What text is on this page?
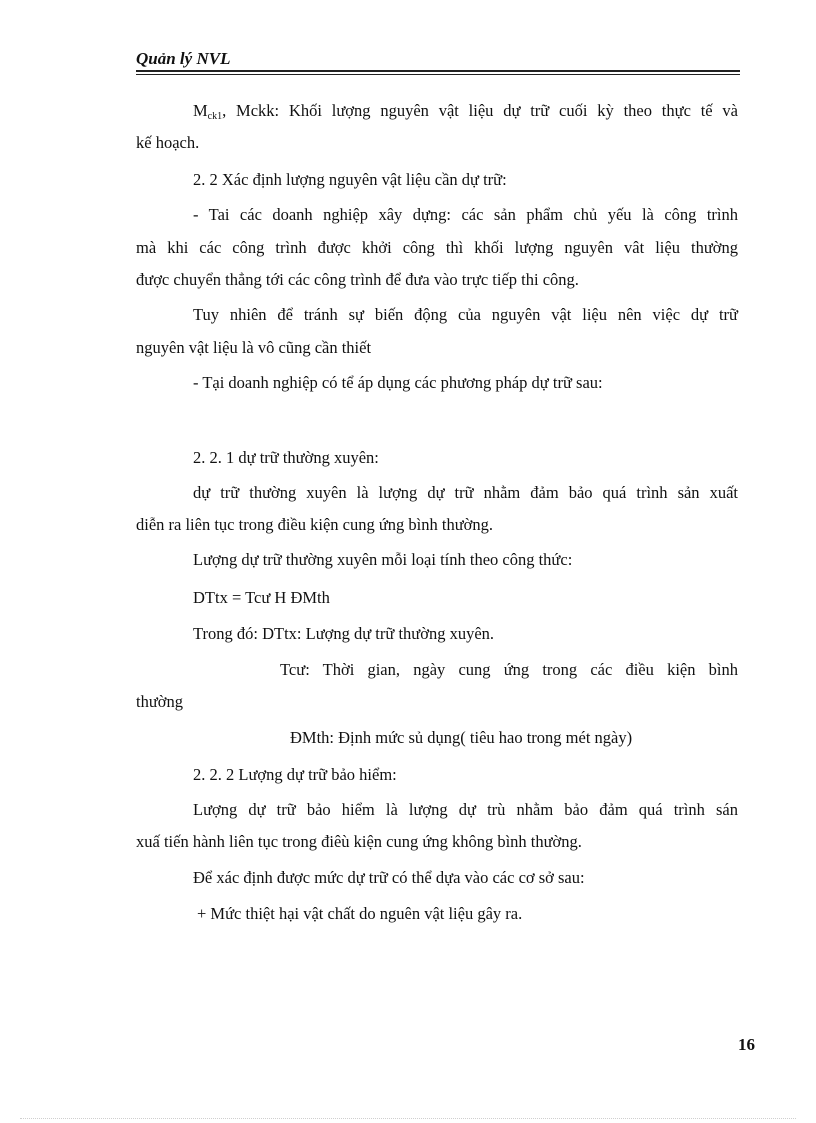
Quản lý NVL
$M_{ck1}$, Mckk: Khối lượng nguyên vật liệu dự trữ cuối kỳ theo thực tế và
kế hoạch.
2. 2 Xác định lượng nguyên vật liệu cần dự trữ:
- Tai các doanh nghiệp xây dựng: các sản phẩm chủ yếu là công trình
mà khi các công trình được khởi công thì khối lượng nguyên vât liệu thường
được chuyển thẳng tới các công trình để đưa vào trực tiếp thi công.
Tuy nhiên để tránh sự biến động của nguyên vật liệu nên việc dự trữ
nguyên vật liệu là vô cũng cần thiết
- Tại doanh nghiệp có tể áp dụng các phương pháp dự trữ sau:
2. 2. 1 dự trữ thường xuyên:
dự trữ thường xuyên là lượng dự trữ nhằm đảm bảo quá trình sản xuất
diễn ra liên tục trong điều kiện cung ứng bình thường.
Lượng dự trữ thường xuyên mỗi loại tính theo công thức:
DTtx = Tcư H ĐMth
Trong đó: DTtx: Lượng dự trữ thường xuyên.
Tcư: Thời gian, ngày cung ứng trong các điều kiện bình
thường
ĐMth: Định mức sủ dụng( tiêu hao trong mét ngày)
2. 2. 2 Lượng dự trữ bảo hiểm:
Lượng dự trữ bảo hiểm là lượng dự trù nhằm bảo đảm quá trình sán
xuấ tiến hành liên tục trong điêù kiện cung ứng không bình thường.
Để xác định được mức dự trữ có thể dựa vào các cơ sở sau:
+ Mức thiệt hại vật chất do nguên vật liệu gây ra.
16
